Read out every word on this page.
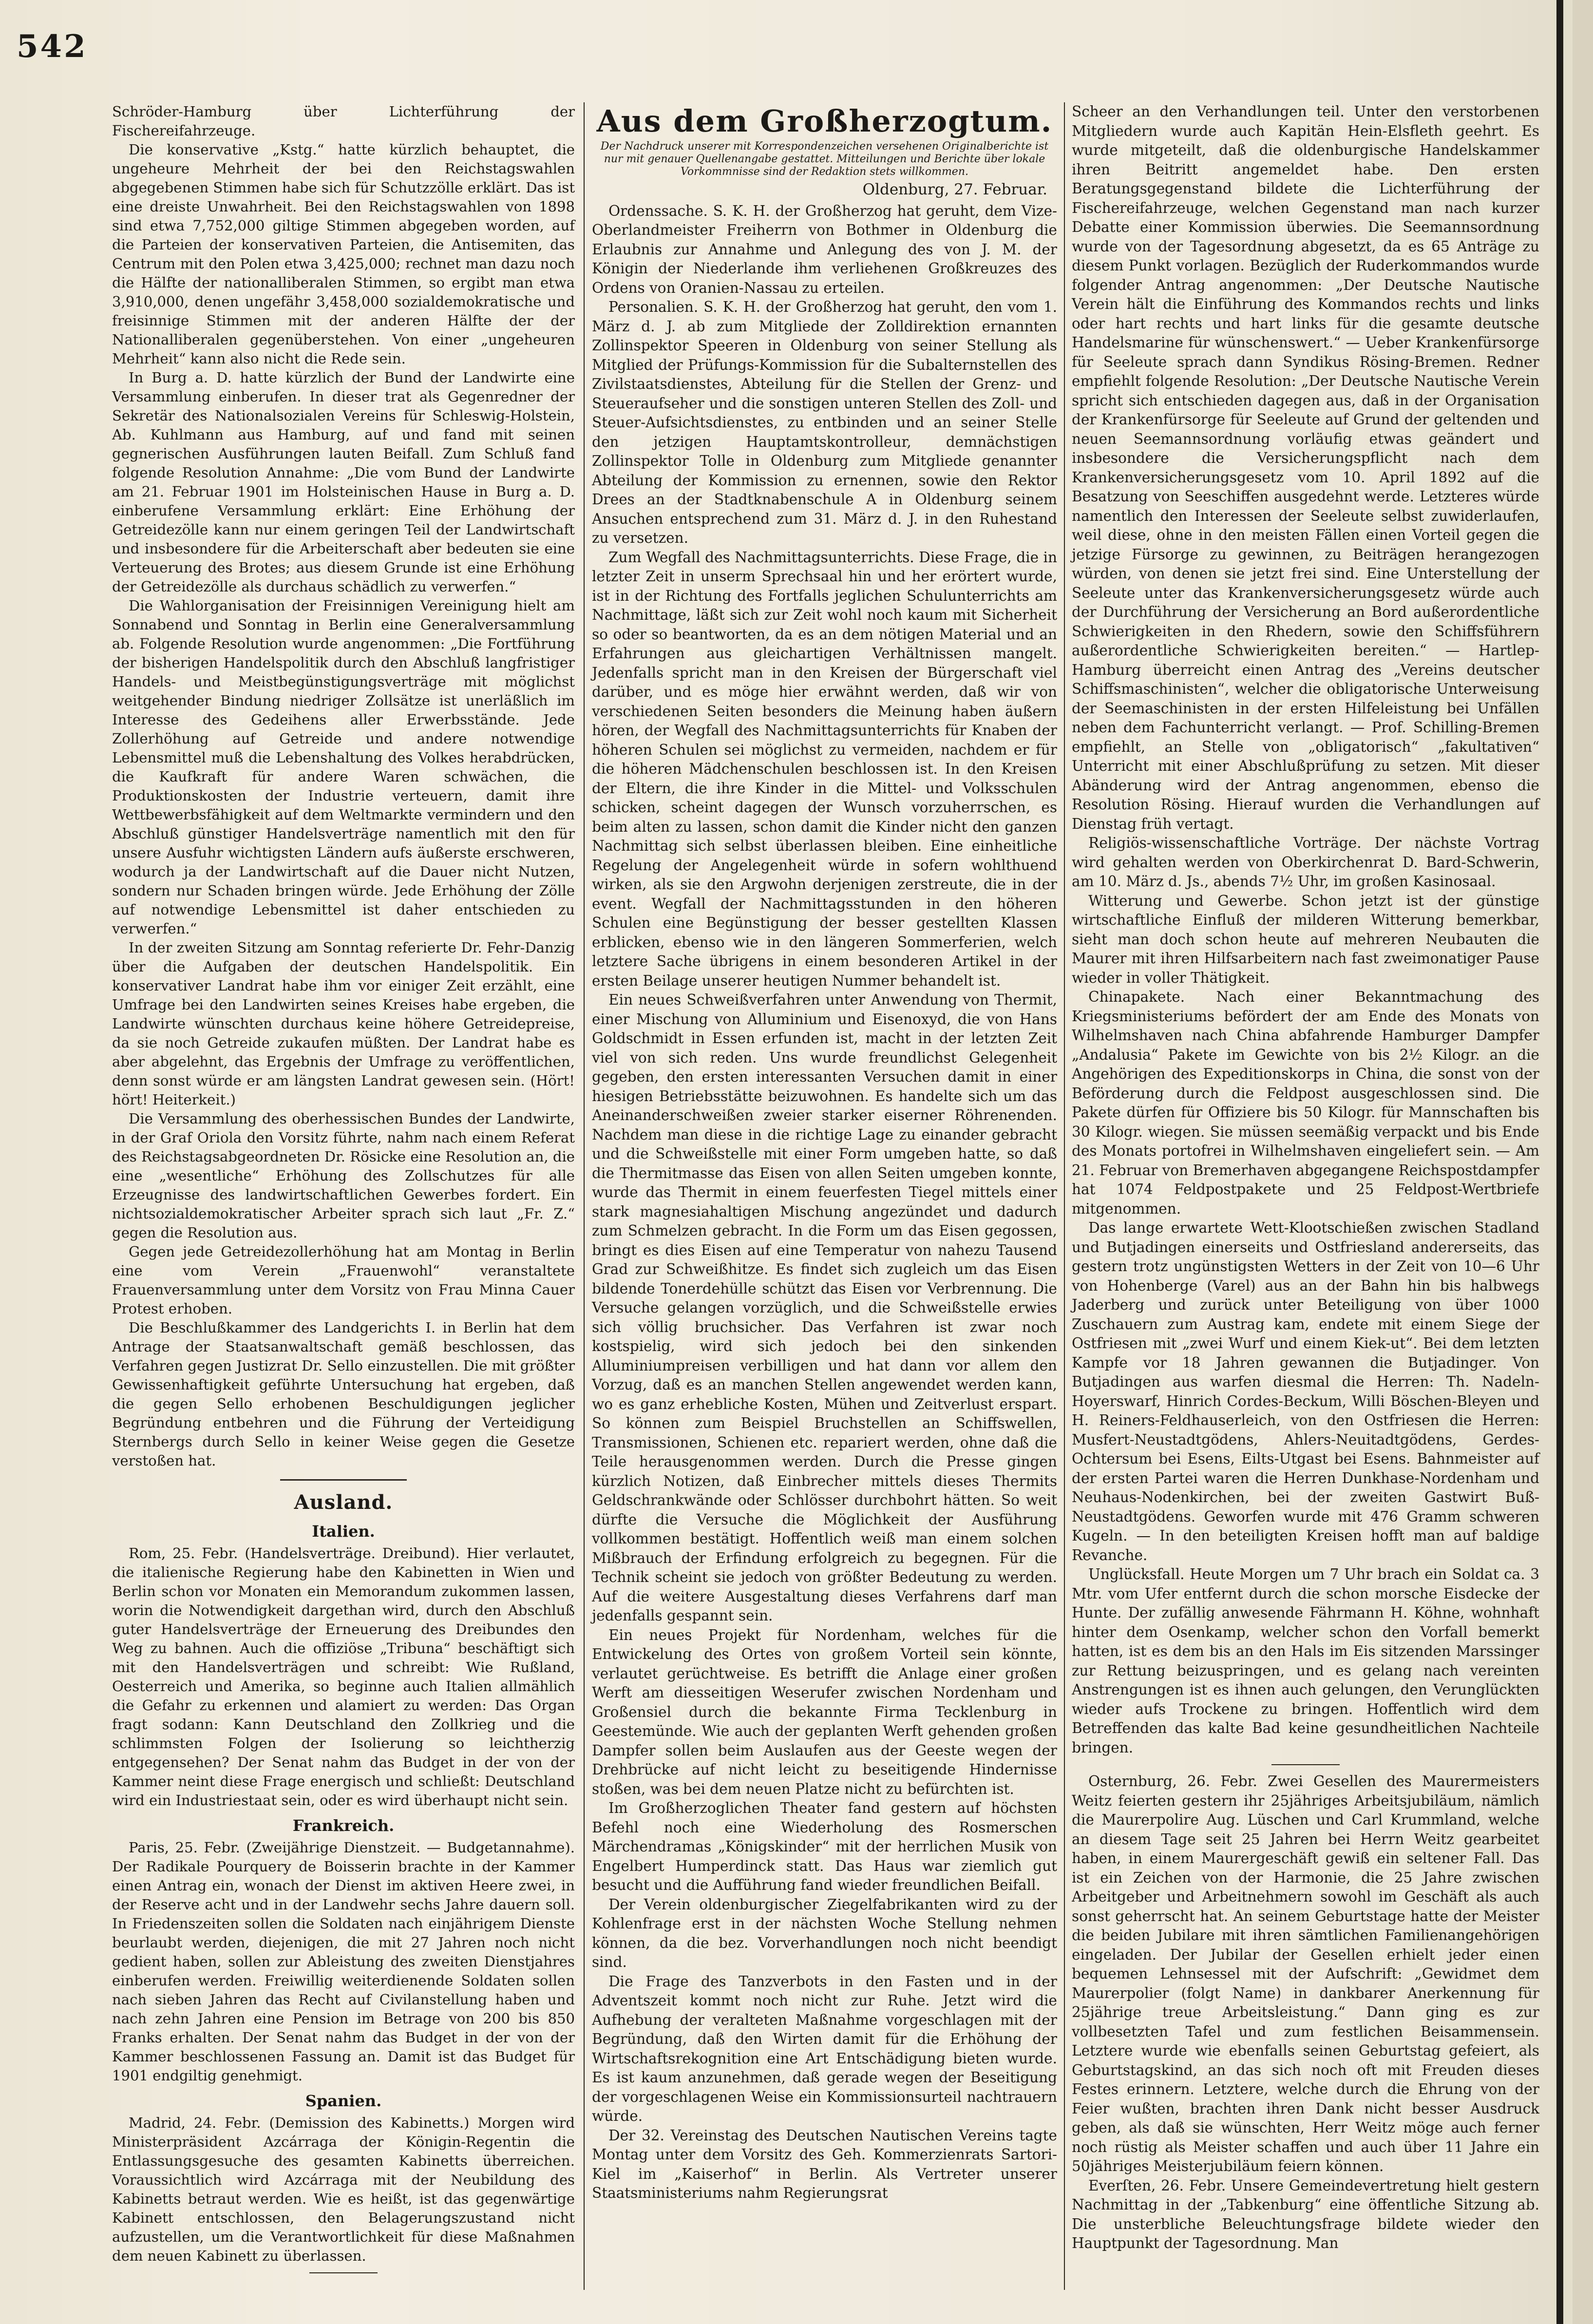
542

Schröder-Hamburg über Lichterführung der Fischereifahrzeuge.

Die konservative „Kstg.“ hatte kürzlich behauptet, die ungeheure Mehrheit der bei den Reichstagswahlen abgegebenen Stimmen habe sich für Schutzzölle erklärt. Das ist eine dreiste Unwahrheit. Bei den Reichstagswahlen von 1898 sind etwa 7,752,000 giltige Stimmen abgegeben worden, auf die Parteien der konservativen Parteien, die Antisemiten, das Centrum mit den Polen etwa 3,425,000; rechnet man dazu noch die Hälfte der nationalliberalen Stimmen, so ergibt man etwa 3,910,000, denen ungefähr 3,458,000 sozialdemokratische und freisinnige Stimmen mit der anderen Hälfte der der Nationalliberalen gegenüberstehen. Von einer „ungeheuren Mehrheit“ kann also nicht die Rede sein.

In Burg a. D. hatte kürzlich der Bund der Landwirte eine Versammlung einberufen. In dieser trat als Gegenredner der Sekretär des Nationalsozialen Vereins für Schleswig-Holstein, Ab. Kuhlmann aus Hamburg, auf und fand mit seinen gegnerischen Ausführungen lauten Beifall. Zum Schluß fand folgende Resolution Annahme: „Die vom Bund der Landwirte am 21. Februar 1901 im Holsteinischen Hause in Burg a. D. einberufene Versammlung erklärt: Eine Erhöhung der Getreidezölle kann nur einem geringen Teil der Landwirtschaft und insbesondere für die Arbeiterschaft aber bedeuten sie eine Verteuerung des Brotes; aus diesem Grunde ist eine Erhöhung der Getreidezölle als durchaus schädlich zu verwerfen.“

Die Wahlorganisation der Freisinnigen Vereinigung hielt am Sonnabend und Sonntag in Berlin eine Generalversammlung ab. Folgende Resolution wurde angenommen: „Die Fortführung der bisherigen Handelspolitik durch den Abschluß langfristiger Handels- und Meistbegünstigungsverträge mit möglichst weitgehender Bindung niedriger Zollsätze ist unerläßlich im Interesse des Gedeihens aller Erwerbsstände. Jede Zollerhöhung auf Getreide und andere notwendige Lebensmittel muß die Lebenshaltung des Volkes herabdrücken, die Kaufkraft für andere Waren schwächen, die Produktionskosten der Industrie verteuern, damit ihre Wettbewerbsfähigkeit auf dem Weltmarkte vermindern und den Abschluß günstiger Handelsverträge namentlich mit den für unsere Ausfuhr wichtigsten Ländern aufs äußerste erschweren, wodurch ja der Landwirtschaft auf die Dauer nicht Nutzen, sondern nur Schaden bringen würde. Jede Erhöhung der Zölle auf notwendige Lebensmittel ist daher entschieden zu verwerfen.“

In der zweiten Sitzung am Sonntag referierte Dr. Fehr-Danzig über die Aufgaben der deutschen Handelspolitik. Ein konservativer Landrat habe ihm vor einiger Zeit erzählt, eine Umfrage bei den Landwirten seines Kreises habe ergeben, die Landwirte wünschten durchaus keine höhere Getreidepreise, da sie noch Getreide zukaufen müßten. Der Landrat habe es aber abgelehnt, das Ergebnis der Umfrage zu veröffentlichen, denn sonst würde er am längsten Landrat gewesen sein. (Hört! hört! Heiterkeit.)

Die Versammlung des oberhessischen Bundes der Landwirte, in der Graf Oriola den Vorsitz führte, nahm nach einem Referat des Reichstagsabgeordneten Dr. Rösicke eine Resolution an, die eine „wesentliche“ Erhöhung des Zollschutzes für alle Erzeugnisse des landwirtschaftlichen Gewerbes fordert. Ein nichtsozialdemokratischer Arbeiter sprach sich laut „Fr. Z.“ gegen die Resolution aus.

Gegen jede Getreidezollerhöhung hat am Montag in Berlin eine vom Verein „Frauenwohl“ veranstaltete Frauenversammlung unter dem Vorsitz von Frau Minna Cauer Protest erhoben.

Die Beschlußkammer des Landgerichts I. in Berlin hat dem Antrage der Staatsanwaltschaft gemäß beschlossen, das Verfahren gegen Justizrat Dr. Sello einzustellen. Die mit größter Gewissenhaftigkeit geführte Untersuchung hat ergeben, daß die gegen Sello erhobenen Beschuldigungen jeglicher Begründung entbehren und die Führung der Verteidigung Sternbergs durch Sello in keiner Weise gegen die Gesetze verstoßen hat.

Ausland.

Italien.

Rom, 25. Febr. (Handelsverträge. Dreibund). Hier verlautet, die italienische Regierung habe den Kabinetten in Wien und Berlin schon vor Monaten ein Memorandum zukommen lassen, worin die Notwendigkeit dargethan wird, durch den Abschluß guter Handelsverträge der Erneuerung des Dreibundes den Weg zu bahnen. Auch die offiziöse „Tribuna“ beschäftigt sich mit den Handelsverträgen und schreibt: Wie Rußland, Oesterreich und Amerika, so beginne auch Italien allmählich die Gefahr zu erkennen und alamiert zu werden: Das Organ fragt sodann: Kann Deutschland den Zollkrieg und die schlimmsten Folgen der Isolierung so leichtherzig entgegensehen? Der Senat nahm das Budget in der von der Kammer neint diese Frage energisch und schließt: Deutschland wird ein Industriestaat sein, oder es wird überhaupt nicht sein.

Frankreich.

Paris, 25. Febr. (Zweijährige Dienstzeit. — Budgetannahme). Der Radikale Pourquery de Boisserin brachte in der Kammer einen Antrag ein, wonach der Dienst im aktiven Heere zwei, in der Reserve acht und in der Landwehr sechs Jahre dauern soll. In Friedenszeiten sollen die Soldaten nach einjährigem Dienste beurlaubt werden, diejenigen, die mit 27 Jahren noch nicht gedient haben, sollen zur Ableistung des zweiten Dienstjahres einberufen werden. Freiwillig weiterdienende Soldaten sollen nach sieben Jahren das Recht auf Civilanstellung haben und nach zehn Jahren eine Pension im Betrage von 200 bis 850 Franks erhalten. Der Senat nahm das Budget in der von der Kammer beschlossenen Fassung an. Damit ist das Budget für 1901 endgiltig genehmigt.

Spanien.

Madrid, 24. Febr. (Demission des Kabinetts.) Morgen wird Ministerpräsident Azcárraga der Königin-Regentin die Entlassungsgesuche des gesamten Kabinetts überreichen. Voraussichtlich wird Azcárraga mit der Neubildung des Kabinetts betraut werden. Wie es heißt, ist das gegenwärtige Kabinett entschlossen, den Belagerungszustand nicht aufzustellen, um die Verantwortlichkeit für diese Maßnahmen dem neuen Kabinett zu überlassen.

Aus dem Großherzogtum.

Der Nachdruck unserer mit Korrespondenzeichen versehenen Originalberichte ist nur mit genauer Quellenangabe gestattet. Mitteilungen und Berichte über lokale Vorkommnisse sind der Redaktion stets willkommen.

Oldenburg, 27. Februar.

Ordenssache. S. K. H. der Großherzog hat geruht, dem Vize-Oberlandmeister Freiherrn von Bothmer in Oldenburg die Erlaubnis zur Annahme und Anlegung des von J. M. der Königin der Niederlande ihm verliehenen Großkreuzes des Ordens von Oranien-Nassau zu erteilen.

Personalien. S. K. H. der Großherzog hat geruht, den vom 1. März d. J. ab zum Mitgliede der Zolldirektion ernannten Zollinspektor Speeren in Oldenburg von seiner Stellung als Mitglied der Prüfungs-Kommission für die Subalternstellen des Zivilstaatsdienstes, Abteilung für die Stellen der Grenz- und Steueraufseher und die sonstigen unteren Stellen des Zoll- und Steuer-Aufsichtsdienstes, zu entbinden und an seiner Stelle den jetzigen Hauptamtskontrolleur, demnächstigen Zollinspektor Tolle in Oldenburg zum Mitgliede genannter Abteilung der Kommission zu ernennen, sowie den Rektor Drees an der Stadtknabenschule A in Oldenburg seinem Ansuchen entsprechend zum 31. März d. J. in den Ruhestand zu versetzen.

Zum Wegfall des Nachmittagsunterrichts. Diese Frage, die in letzter Zeit in unserm Sprechsaal hin und her erörtert wurde, ist in der Richtung des Fortfalls jeglichen Schulunterrichts am Nachmittage, läßt sich zur Zeit wohl noch kaum mit Sicherheit so oder so beantworten, da es an dem nötigen Material und an Erfahrungen aus gleichartigen Verhältnissen mangelt. Jedenfalls spricht man in den Kreisen der Bürgerschaft viel darüber, und es möge hier erwähnt werden, daß wir von verschiedenen Seiten besonders die Meinung haben äußern hören, der Wegfall des Nachmittagsunterrichts für Knaben der höheren Schulen sei möglichst zu vermeiden, nachdem er für die höheren Mädchenschulen beschlossen ist. In den Kreisen der Eltern, die ihre Kinder in die Mittel- und Volksschulen schicken, scheint dagegen der Wunsch vorzuherrschen, es beim alten zu lassen, schon damit die Kinder nicht den ganzen Nachmittag sich selbst überlassen bleiben. Eine einheitliche Regelung der Angelegenheit würde in sofern wohlthuend wirken, als sie den Argwohn derjenigen zerstreute, die in der event. Wegfall der Nachmittagsstunden in den höheren Schulen eine Begünstigung der besser gestellten Klassen erblicken, ebenso wie in den längeren Sommerferien, welch letztere Sache übrigens in einem besonderen Artikel in der ersten Beilage unserer heutigen Nummer behandelt ist.

Ein neues Schweißverfahren unter Anwendung von Thermit, einer Mischung von Alluminium und Eisenoxyd, die von Hans Goldschmidt in Essen erfunden ist, macht in der letzten Zeit viel von sich reden. Uns wurde freundlichst Gelegenheit gegeben, den ersten interessanten Versuchen damit in einer hiesigen Betriebsstätte beizuwohnen. Es handelte sich um das Aneinanderschweißen zweier starker eiserner Röhrenenden. Nachdem man diese in die richtige Lage zu einander gebracht und die Schweißstelle mit einer Form umgeben hatte, so daß die Thermitmasse das Eisen von allen Seiten umgeben konnte, wurde das Thermit in einem feuerfesten Tiegel mittels einer stark magnesiahaltigen Mischung angezündet und dadurch zum Schmelzen gebracht. In die Form um das Eisen gegossen, bringt es dies Eisen auf eine Temperatur von nahezu Tausend Grad zur Schweißhitze. Es findet sich zugleich um das Eisen bildende Tonerdehülle schützt das Eisen vor Verbrennung. Die Versuche gelangen vorzüglich, und die Schweißstelle erwies sich völlig bruchsicher. Das Verfahren ist zwar noch kostspielig, wird sich jedoch bei den sinkenden Alluminiumpreisen verbilligen und hat dann vor allem den Vorzug, daß es an manchen Stellen angewendet werden kann, wo es ganz erhebliche Kosten, Mühen und Zeitverlust erspart. So können zum Beispiel Bruchstellen an Schiffswellen, Transmissionen, Schienen etc. repariert werden, ohne daß die Teile herausgenommen werden. Durch die Presse gingen kürzlich Notizen, daß Einbrecher mittels dieses Thermits Geldschrankwände oder Schlösser durchbohrt hätten. So weit dürfte die Versuche die Möglichkeit der Ausführung vollkommen bestätigt. Hoffentlich weiß man einem solchen Mißbrauch der Erfindung erfolgreich zu begegnen. Für die Technik scheint sie jedoch von größter Bedeutung zu werden. Auf die weitere Ausgestaltung dieses Verfahrens darf man jedenfalls gespannt sein.

Ein neues Projekt für Nordenham, welches für die Entwickelung des Ortes von großem Vorteil sein könnte, verlautet gerüchtweise. Es betrifft die Anlage einer großen Werft am diesseitigen Weserufer zwischen Nordenham und Großensiel durch die bekannte Firma Tecklenburg in Geestemünde. Wie auch der geplanten Werft gehenden großen Dampfer sollen beim Auslaufen aus der Geeste wegen der Drehbrücke auf nicht leicht zu beseitigende Hindernisse stoßen, was bei dem neuen Platze nicht zu befürchten ist.

Im Großherzoglichen Theater fand gestern auf höchsten Befehl noch eine Wiederholung des Rosmerschen Märchendramas „Königskinder“ mit der herrlichen Musik von Engelbert Humperdinck statt. Das Haus war ziemlich gut besucht und die Aufführung fand wieder freundlichen Beifall.

Der Verein oldenburgischer Ziegelfabrikanten wird zu der Kohlenfrage erst in der nächsten Woche Stellung nehmen können, da die bez. Vorverhandlungen noch nicht beendigt sind.

Die Frage des Tanzverbots in den Fasten und in der Adventszeit kommt noch nicht zur Ruhe. Jetzt wird die Aufhebung der veralteten Maßnahme vorgeschlagen mit der Begründung, daß den Wirten damit für die Erhöhung der Wirtschaftsrekognition eine Art Entschädigung bieten wurde. Es ist kaum anzunehmen, daß gerade wegen der Beseitigung der vorgeschlagenen Weise ein Kommissionsurteil nachtrauern würde.

Der 32. Vereinstag des Deutschen Nautischen Vereins tagte Montag unter dem Vorsitz des Geh. Kommerzienrats Sartori-Kiel im „Kaiserhof“ in Berlin. Als Vertreter unserer Staatsministeriums nahm Regierungsrat

Scheer an den Verhandlungen teil. Unter den verstorbenen Mitgliedern wurde auch Kapitän Hein-Elsfleth geehrt. Es wurde mitgeteilt, daß die oldenburgische Handelskammer ihren Beitritt angemeldet habe. Den ersten Beratungsgegenstand bildete die Lichterführung der Fischereifahrzeuge, welchen Gegenstand man nach kurzer Debatte einer Kommission überwies. Die Seemannsordnung wurde von der Tagesordnung abgesetzt, da es 65 Anträge zu diesem Punkt vorlagen. Bezüglich der Ruderkommandos wurde folgender Antrag angenommen: „Der Deutsche Nautische Verein hält die Einführung des Kommandos rechts und links oder hart rechts und hart links für die gesamte deutsche Handelsmarine für wünschenswert.“ — Ueber Krankenfürsorge für Seeleute sprach dann Syndikus Rösing-Bremen. Redner empfiehlt folgende Resolution: „Der Deutsche Nautische Verein spricht sich entschieden dagegen aus, daß in der Organisation der Krankenfürsorge für Seeleute auf Grund der geltenden und neuen Seemannsordnung vorläufig etwas geändert und insbesondere die Versicherungspflicht nach dem Krankenversicherungsgesetz vom 10. April 1892 auf die Besatzung von Seeschiffen ausgedehnt werde. Letzteres würde namentlich den Interessen der Seeleute selbst zuwiderlaufen, weil diese, ohne in den meisten Fällen einen Vorteil gegen die jetzige Fürsorge zu gewinnen, zu Beiträgen herangezogen würden, von denen sie jetzt frei sind. Eine Unterstellung der Seeleute unter das Krankenversicherungsgesetz würde auch der Durchführung der Versicherung an Bord außerordentliche Schwierigkeiten in den Rhedern, sowie den Schiffsführern außerordentliche Schwierigkeiten bereiten.“ — Hartlep-Hamburg überreicht einen Antrag des „Vereins deutscher Schiffsmaschinisten“, welcher die obligatorische Unterweisung der Seemaschinisten in der ersten Hilfeleistung bei Unfällen neben dem Fachunterricht verlangt. — Prof. Schilling-Bremen empfiehlt, an Stelle von „obligatorisch“ „fakultativen“ Unterricht mit einer Abschlußprüfung zu setzen. Mit dieser Abänderung wird der Antrag angenommen, ebenso die Resolution Rösing. Hierauf wurden die Verhandlungen auf Dienstag früh vertagt.

Religiös-wissenschaftliche Vorträge. Der nächste Vortrag wird gehalten werden von Oberkirchenrat D. Bard-Schwerin, am 10. März d. Js., abends 7½ Uhr, im großen Kasinosaal.

Witterung und Gewerbe. Schon jetzt ist der günstige wirtschaftliche Einfluß der milderen Witterung bemerkbar, sieht man doch schon heute auf mehreren Neubauten die Maurer mit ihren Hilfsarbeitern nach fast zweimonatiger Pause wieder in voller Thätigkeit.

Chinapakete. Nach einer Bekanntmachung des Kriegsministeriums befördert der am Ende des Monats von Wilhelmshaven nach China abfahrende Hamburger Dampfer „Andalusia“ Pakete im Gewichte von bis 2½ Kilogr. an die Angehörigen des Expeditionskorps in China, die sonst von der Beförderung durch die Feldpost ausgeschlossen sind. Die Pakete dürfen für Offiziere bis 50 Kilogr. für Mannschaften bis 30 Kilogr. wiegen. Sie müssen seemäßig verpackt und bis Ende des Monats portofrei in Wilhelmshaven eingeliefert sein. — Am 21. Februar von Bremerhaven abgegangene Reichspostdampfer hat 1074 Feldpostpakete und 25 Feldpost-Wertbriefe mitgenommen.

Das lange erwartete Wett-Klootschießen zwischen Stadland und Butjadingen einerseits und Ostfriesland andererseits, das gestern trotz ungünstigsten Wetters in der Zeit von 10—6 Uhr von Hohenberge (Varel) aus an der Bahn hin bis halbwegs Jaderberg und zurück unter Beteiligung von über 1000 Zuschauern zum Austrag kam, endete mit einem Siege der Ostfriesen mit „zwei Wurf und einem Kiek-ut“. Bei dem letzten Kampfe vor 18 Jahren gewannen die Butjadinger. Von Butjadingen aus warfen diesmal die Herren: Th. Nadeln-Hoyerswarf, Hinrich Cordes-Beckum, Willi Böschen-Bleyen und H. Reiners-Feldhauserleich, von den Ostfriesen die Herren: Musfert-Neustadtgödens, Ahlers-Neuitadtgödens, Gerdes-Ochtersum bei Esens, Eilts-Utgast bei Esens. Bahnmeister auf der ersten Partei waren die Herren Dunkhase-Nordenham und Neuhaus-Nodenkirchen, bei der zweiten Gastwirt Buß-Neustadtgödens. Geworfen wurde mit 476 Gramm schweren Kugeln. — In den beteiligten Kreisen hofft man auf baldige Revanche.

Unglücksfall. Heute Morgen um 7 Uhr brach ein Soldat ca. 3 Mtr. vom Ufer entfernt durch die schon morsche Eisdecke der Hunte. Der zufällig anwesende Fährmann H. Köhne, wohnhaft hinter dem Osenkamp, welcher schon den Vorfall bemerkt hatten, ist es dem bis an den Hals im Eis sitzenden Marssinger zur Rettung beizuspringen, und es gelang nach vereinten Anstrengungen ist es ihnen auch gelungen, den Verunglückten wieder aufs Trockene zu bringen. Hoffentlich wird dem Betreffenden das kalte Bad keine gesundheitlichen Nachteile bringen.

Osternburg, 26. Febr. Zwei Gesellen des Maurermeisters Weitz feierten gestern ihr 25jähriges Arbeitsjubiläum, nämlich die Maurerpolire Aug. Lüschen und Carl Krummland, welche an diesem Tage seit 25 Jahren bei Herrn Weitz gearbeitet haben, in einem Maurergeschäft gewiß ein seltener Fall. Das ist ein Zeichen von der Harmonie, die 25 Jahre zwischen Arbeitgeber und Arbeitnehmern sowohl im Geschäft als auch sonst geherrscht hat. An seinem Geburtstage hatte der Meister die beiden Jubilare mit ihren sämtlichen Familienangehörigen eingeladen. Der Jubilar der Gesellen erhielt jeder einen bequemen Lehnsessel mit der Aufschrift: „Gewidmet dem Maurerpolier (folgt Name) in dankbarer Anerkennung für 25jährige treue Arbeitsleistung.“ Dann ging es zur vollbesetzten Tafel und zum festlichen Beisammensein. Letztere wurde wie ebenfalls seinen Geburtstag gefeiert, als Geburtstagskind, an das sich noch oft mit Freuden dieses Festes erinnern. Letztere, welche durch die Ehrung von der Feier wußten, brachten ihren Dank nicht besser Ausdruck geben, als daß sie wünschten, Herr Weitz möge auch ferner noch rüstig als Meister schaffen und auch über 11 Jahre ein 50jähriges Meisterjubiläum feiern können.

Everſten, 26. Febr. Unsere Gemeindevertretung hielt gestern Nachmittag in der „Tabkenburg“ eine öffentliche Sitzung ab. Die unsterbliche Beleuchtungsfrage bildete wieder den Hauptpunkt der Tagesordnung. Man
